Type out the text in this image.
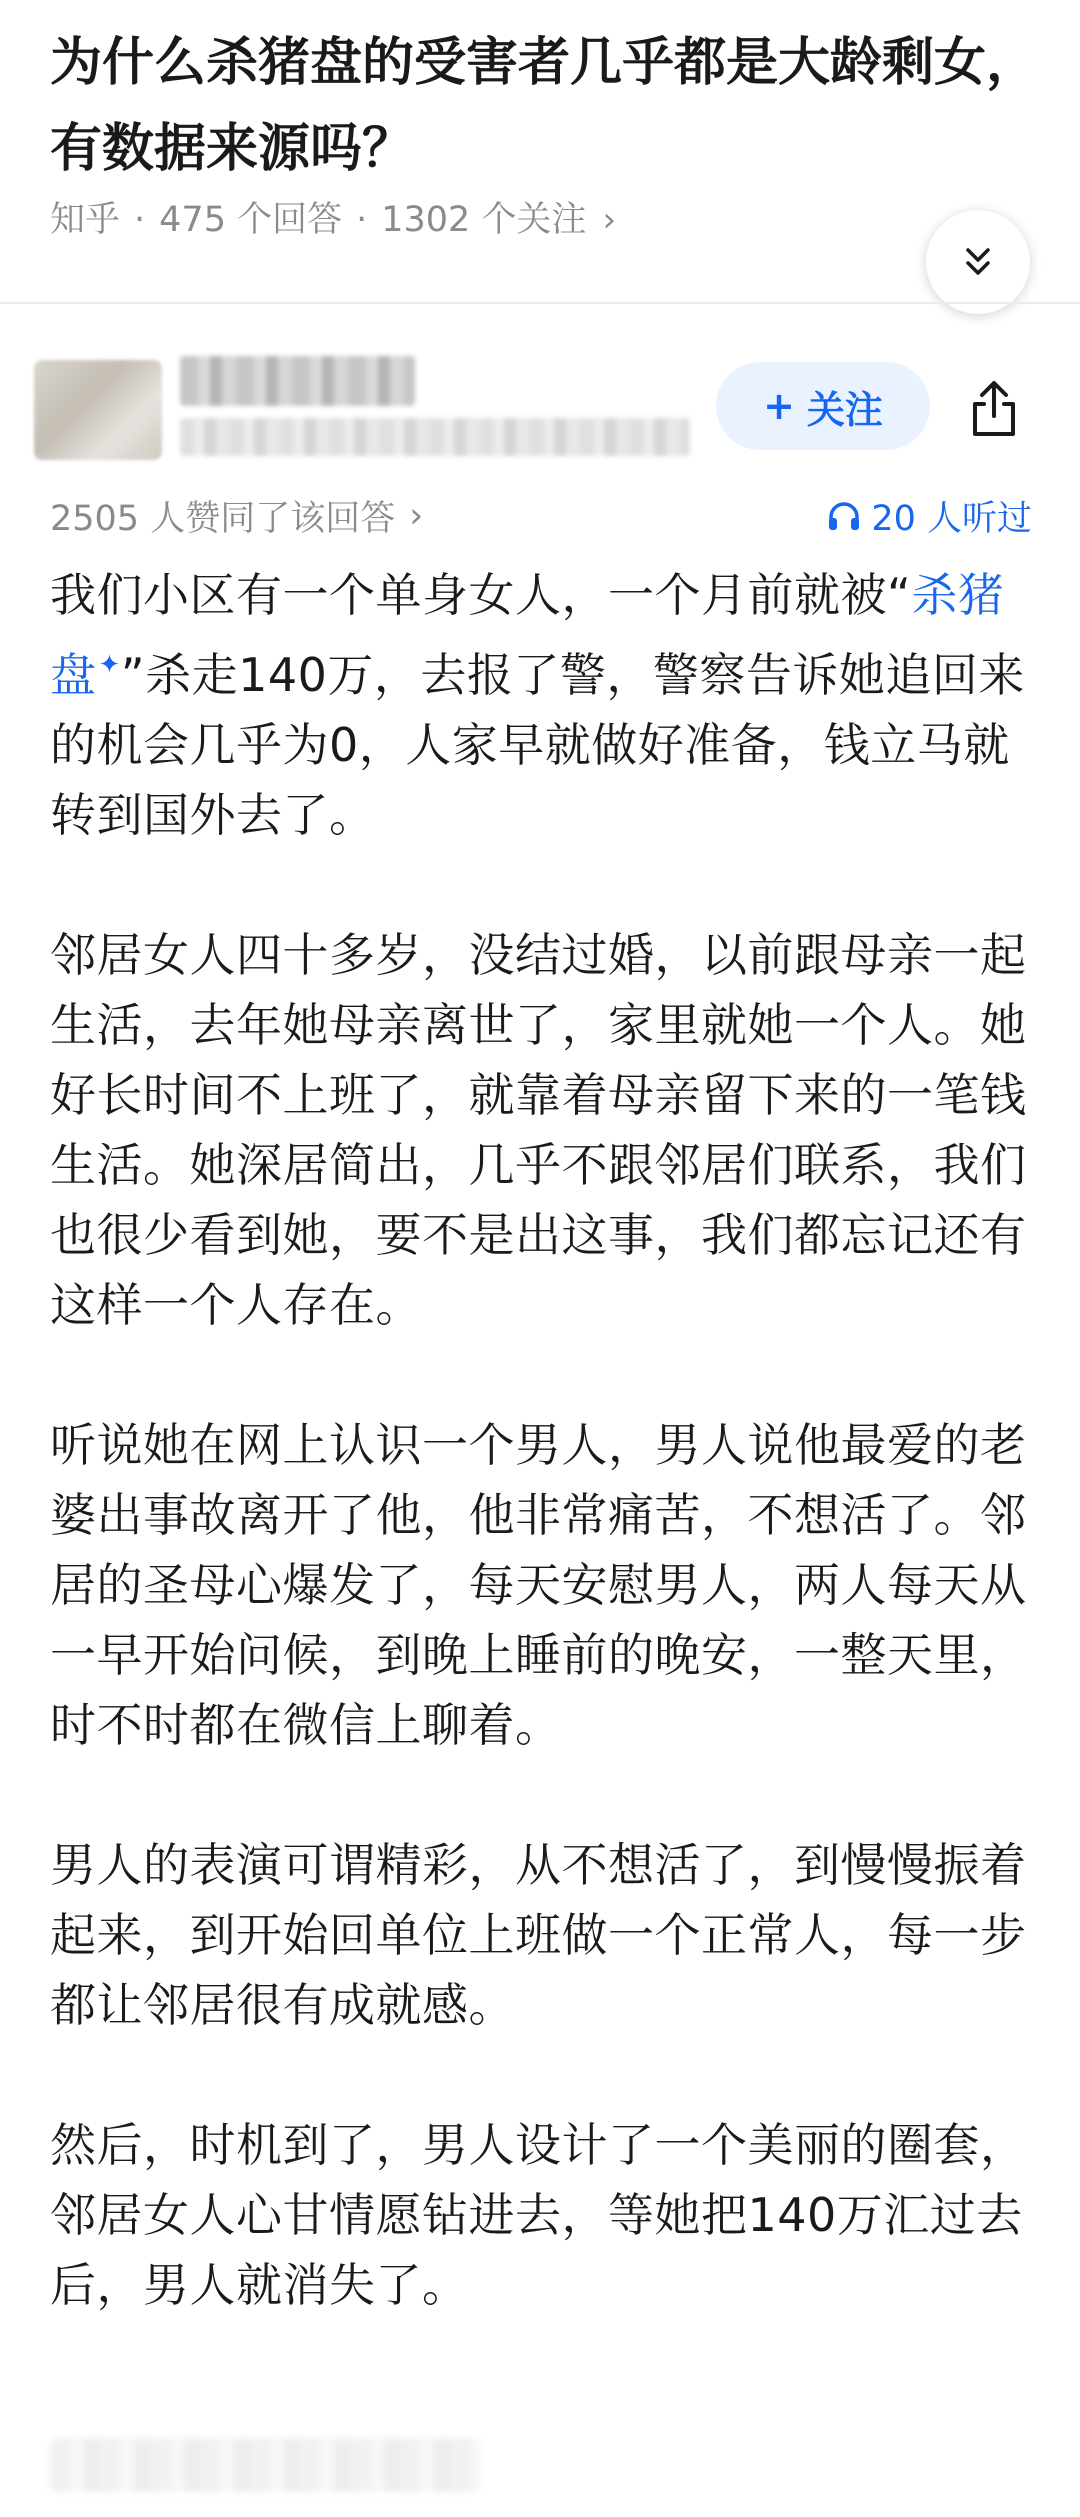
为什么杀猪盘的受害者几乎都是大龄剩女，有数据来源吗？
知乎 · 475 个回答 · 1302 个关注 ›
+ 关注
2505 人赞同了该回答 ›	20 人听过

我们小区有一个单身女人，一个月前就被“杀猪盘✦”杀走140万，去报了警，警察告诉她追回来的机会几乎为0，人家早就做好准备，钱立马就转到国外去了。

邻居女人四十多岁，没结过婚，以前跟母亲一起生活，去年她母亲离世了，家里就她一个人。她好长时间不上班了，就靠着母亲留下来的一笔钱生活。她深居简出，几乎不跟邻居们联系，我们也很少看到她，要不是出这事，我们都忘记还有这样一个人存在。

听说她在网上认识一个男人，男人说他最爱的老婆出事故离开了他，他非常痛苦，不想活了。邻居的圣母心爆发了，每天安慰男人，两人每天从一早开始问候，到晚上睡前的晚安，一整天里，时不时都在微信上聊着。

男人的表演可谓精彩，从不想活了，到慢慢振着起来，到开始回单位上班做一个正常人，每一步都让邻居很有成就感。

然后，时机到了，男人设计了一个美丽的圈套，邻居女人心甘情愿钻进去，等她把140万汇过去后，男人就消失了。
